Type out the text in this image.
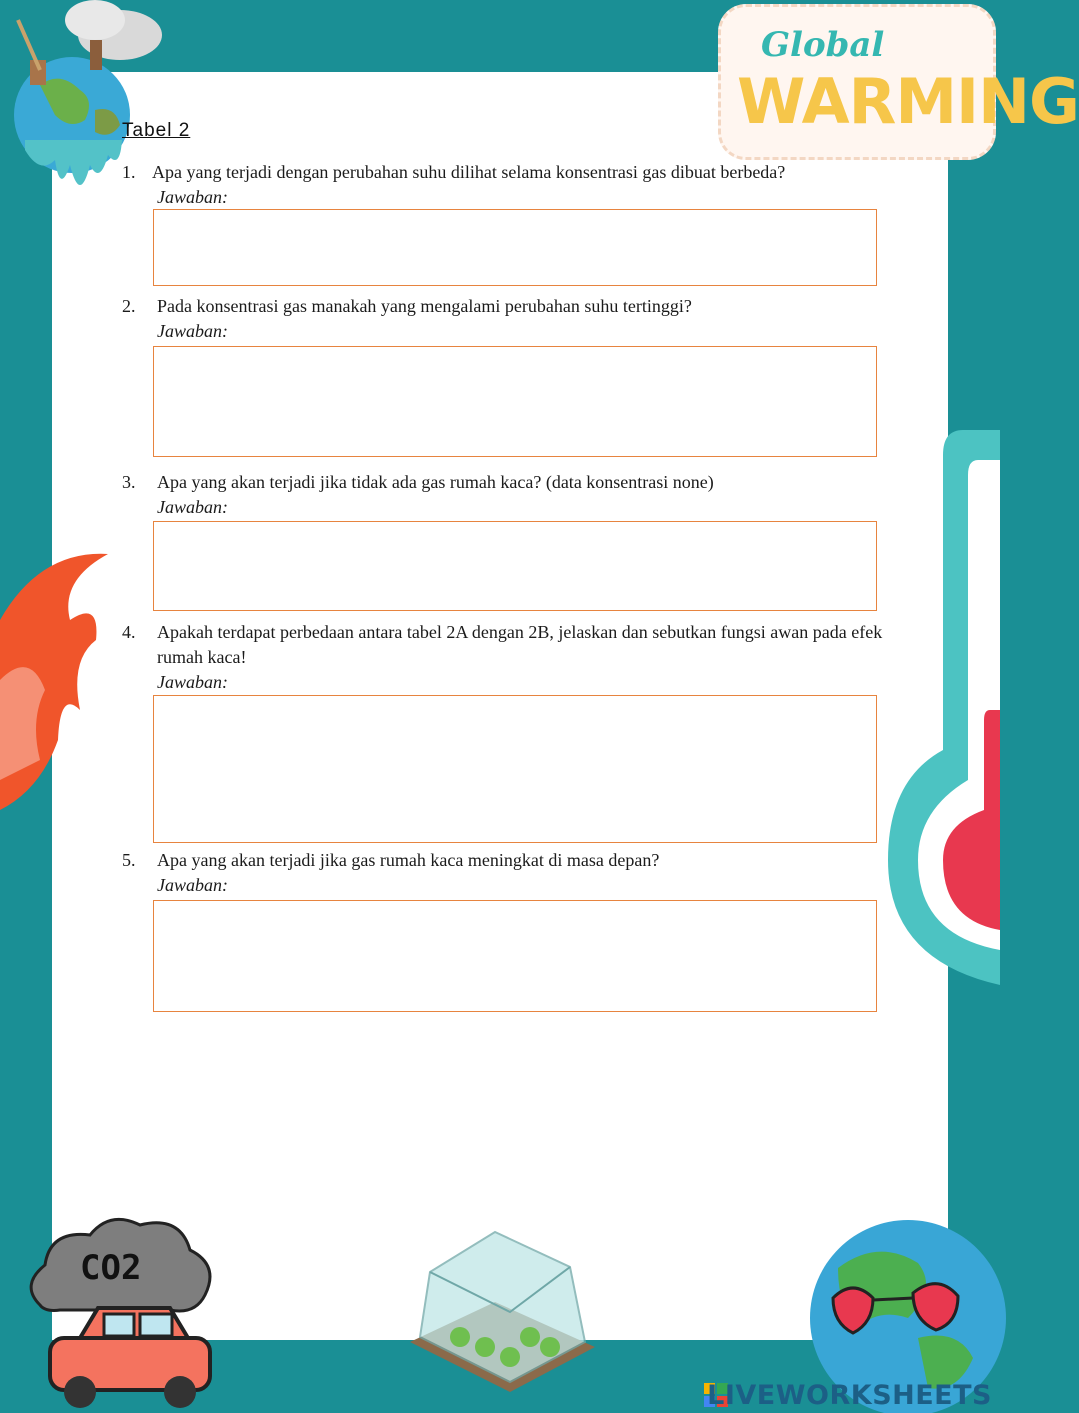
Global
WARMING
CO2
Tabel 2
1. Apa yang terjadi dengan perubahan suhu dilihat selama konsentrasi gas dibuat berbeda?
Jawaban:
2. Pada konsentrasi gas manakah yang mengalami perubahan suhu tertinggi?
Jawaban:
3. Apa yang akan terjadi jika tidak ada gas rumah kaca? (data konsentrasi none)
Jawaban:
4. Apakah terdapat perbedaan antara tabel 2A dengan 2B, jelaskan dan sebutkan fungsi awan pada efek rumah kaca!
Jawaban:
5. Apa yang akan terjadi jika gas rumah kaca meningkat di masa depan?
Jawaban:
LIVEWORKSHEETS
